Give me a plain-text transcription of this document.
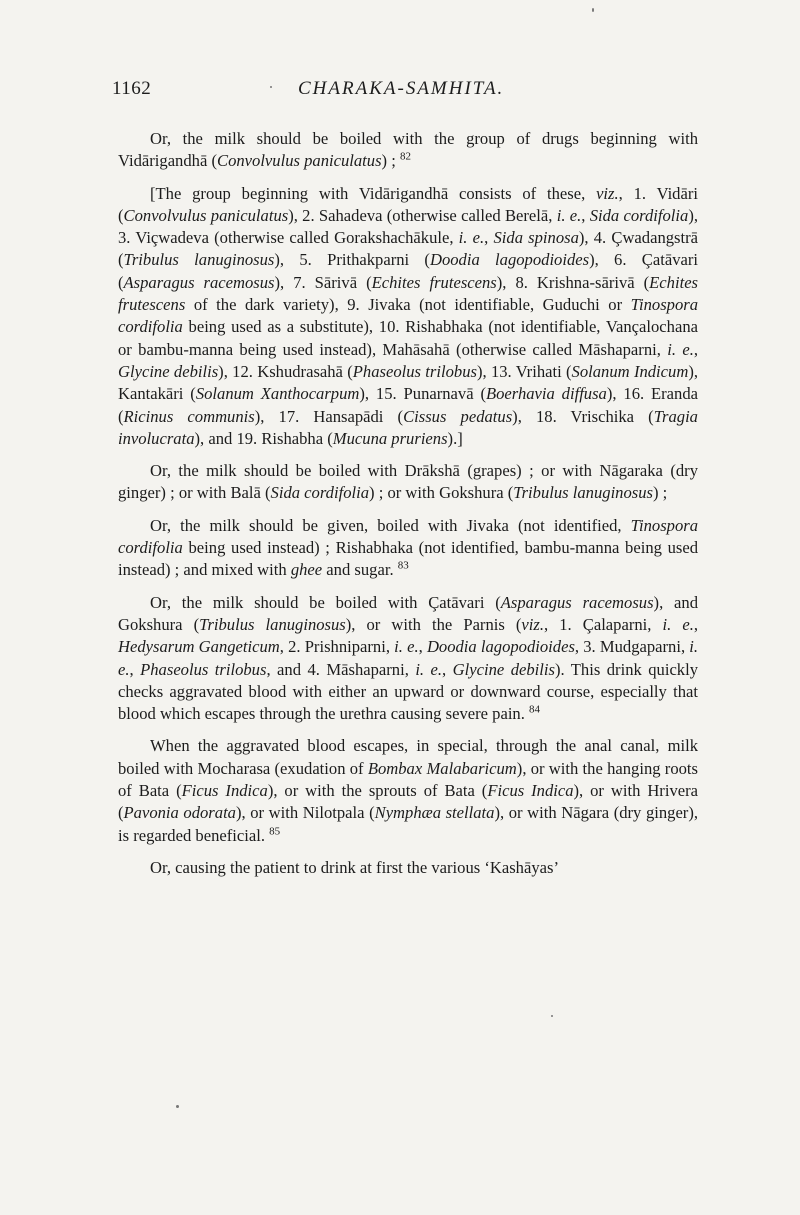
1162	CHARAKA-SAMHITA.

Or, the milk should be boiled with the group of drugs beginning with Vidārigandhā (Convolvulus paniculatus) ; $^{82}$

[The group beginning with Vidārigandhā consists of these, viz., 1. Vidāri (Convolvulus paniculatus), 2. Sahadeva (otherwise called Berelā, i. e., Sida cordifolia), 3. Viçwadeva (otherwise called Gorakshachākule, i. e., Sida spinosa), 4. Çwadangstrā (Tribulus lanuginosus), 5. Prithakparni (Doodia lagopodioides), 6. Çatāvari (Asparagus racemosus), 7. Sārivā (Echites frutescens), 8. Krishna-sārivā (Echites frutescens of the dark variety), 9. Jivaka (not identifiable, Guduchi or Tinospora cordifolia being used as a substitute), 10. Rishabhaka (not identifiable, Vançalochana or bambu-manna being used instead), Mahāsahā (otherwise called Māshaparni, i. e., Glycine debilis), 12. Kshudrasahā (Phaseolus trilobus), 13. Vrihati (Solanum Indicum), Kantakāri (Solanum Xanthocarpum), 15. Punarnavā (Boerhavia diffusa), 16. Eranda (Ricinus communis), 17. Hansapādi (Cissus pedatus), 18. Vrischika (Tragia involucrata), and 19. Rishabha (Mucuna pruriens).]

Or, the milk should be boiled with Drākshā (grapes) ; or with Nāgaraka (dry ginger) ; or with Balā (Sida cordifolia) ; or with Gokshura (Tribulus lanuginosus) ;

Or, the milk should be given, boiled with Jivaka (not identified, Tinospora cordifolia being used instead) ; Rishabhaka (not identified, bambu-manna being used instead) ; and mixed with ghee and sugar. $^{83}$

Or, the milk should be boiled with Çatāvari (Asparagus racemosus), and Gokshura (Tribulus lanuginosus), or with the Parnis (viz., 1. Çalaparni, i. e., Hedysarum Gangeticum, 2. Prishniparni, i. e., Doodia lagopodioides, 3. Mudgaparni, i. e., Phaseolus trilobus, and 4. Māshaparni, i. e., Glycine debilis). This drink quickly checks aggravated blood with either an upward or downward course, especially that blood which escapes through the urethra causing severe pain. $^{84}$

When the aggravated blood escapes, in special, through the anal canal, milk boiled with Mocharasa (exudation of Bombax Malabaricum), or with the hanging roots of Bata (Ficus Indica), or with the sprouts of Bata (Ficus Indica), or with Hrivera (Pavonia odorata), or with Nilotpala (Nymphæa stellata), or with Nāgara (dry ginger), is regarded beneficial. $^{85}$

Or, causing the patient to drink at first the various ‘Kashāyas’
